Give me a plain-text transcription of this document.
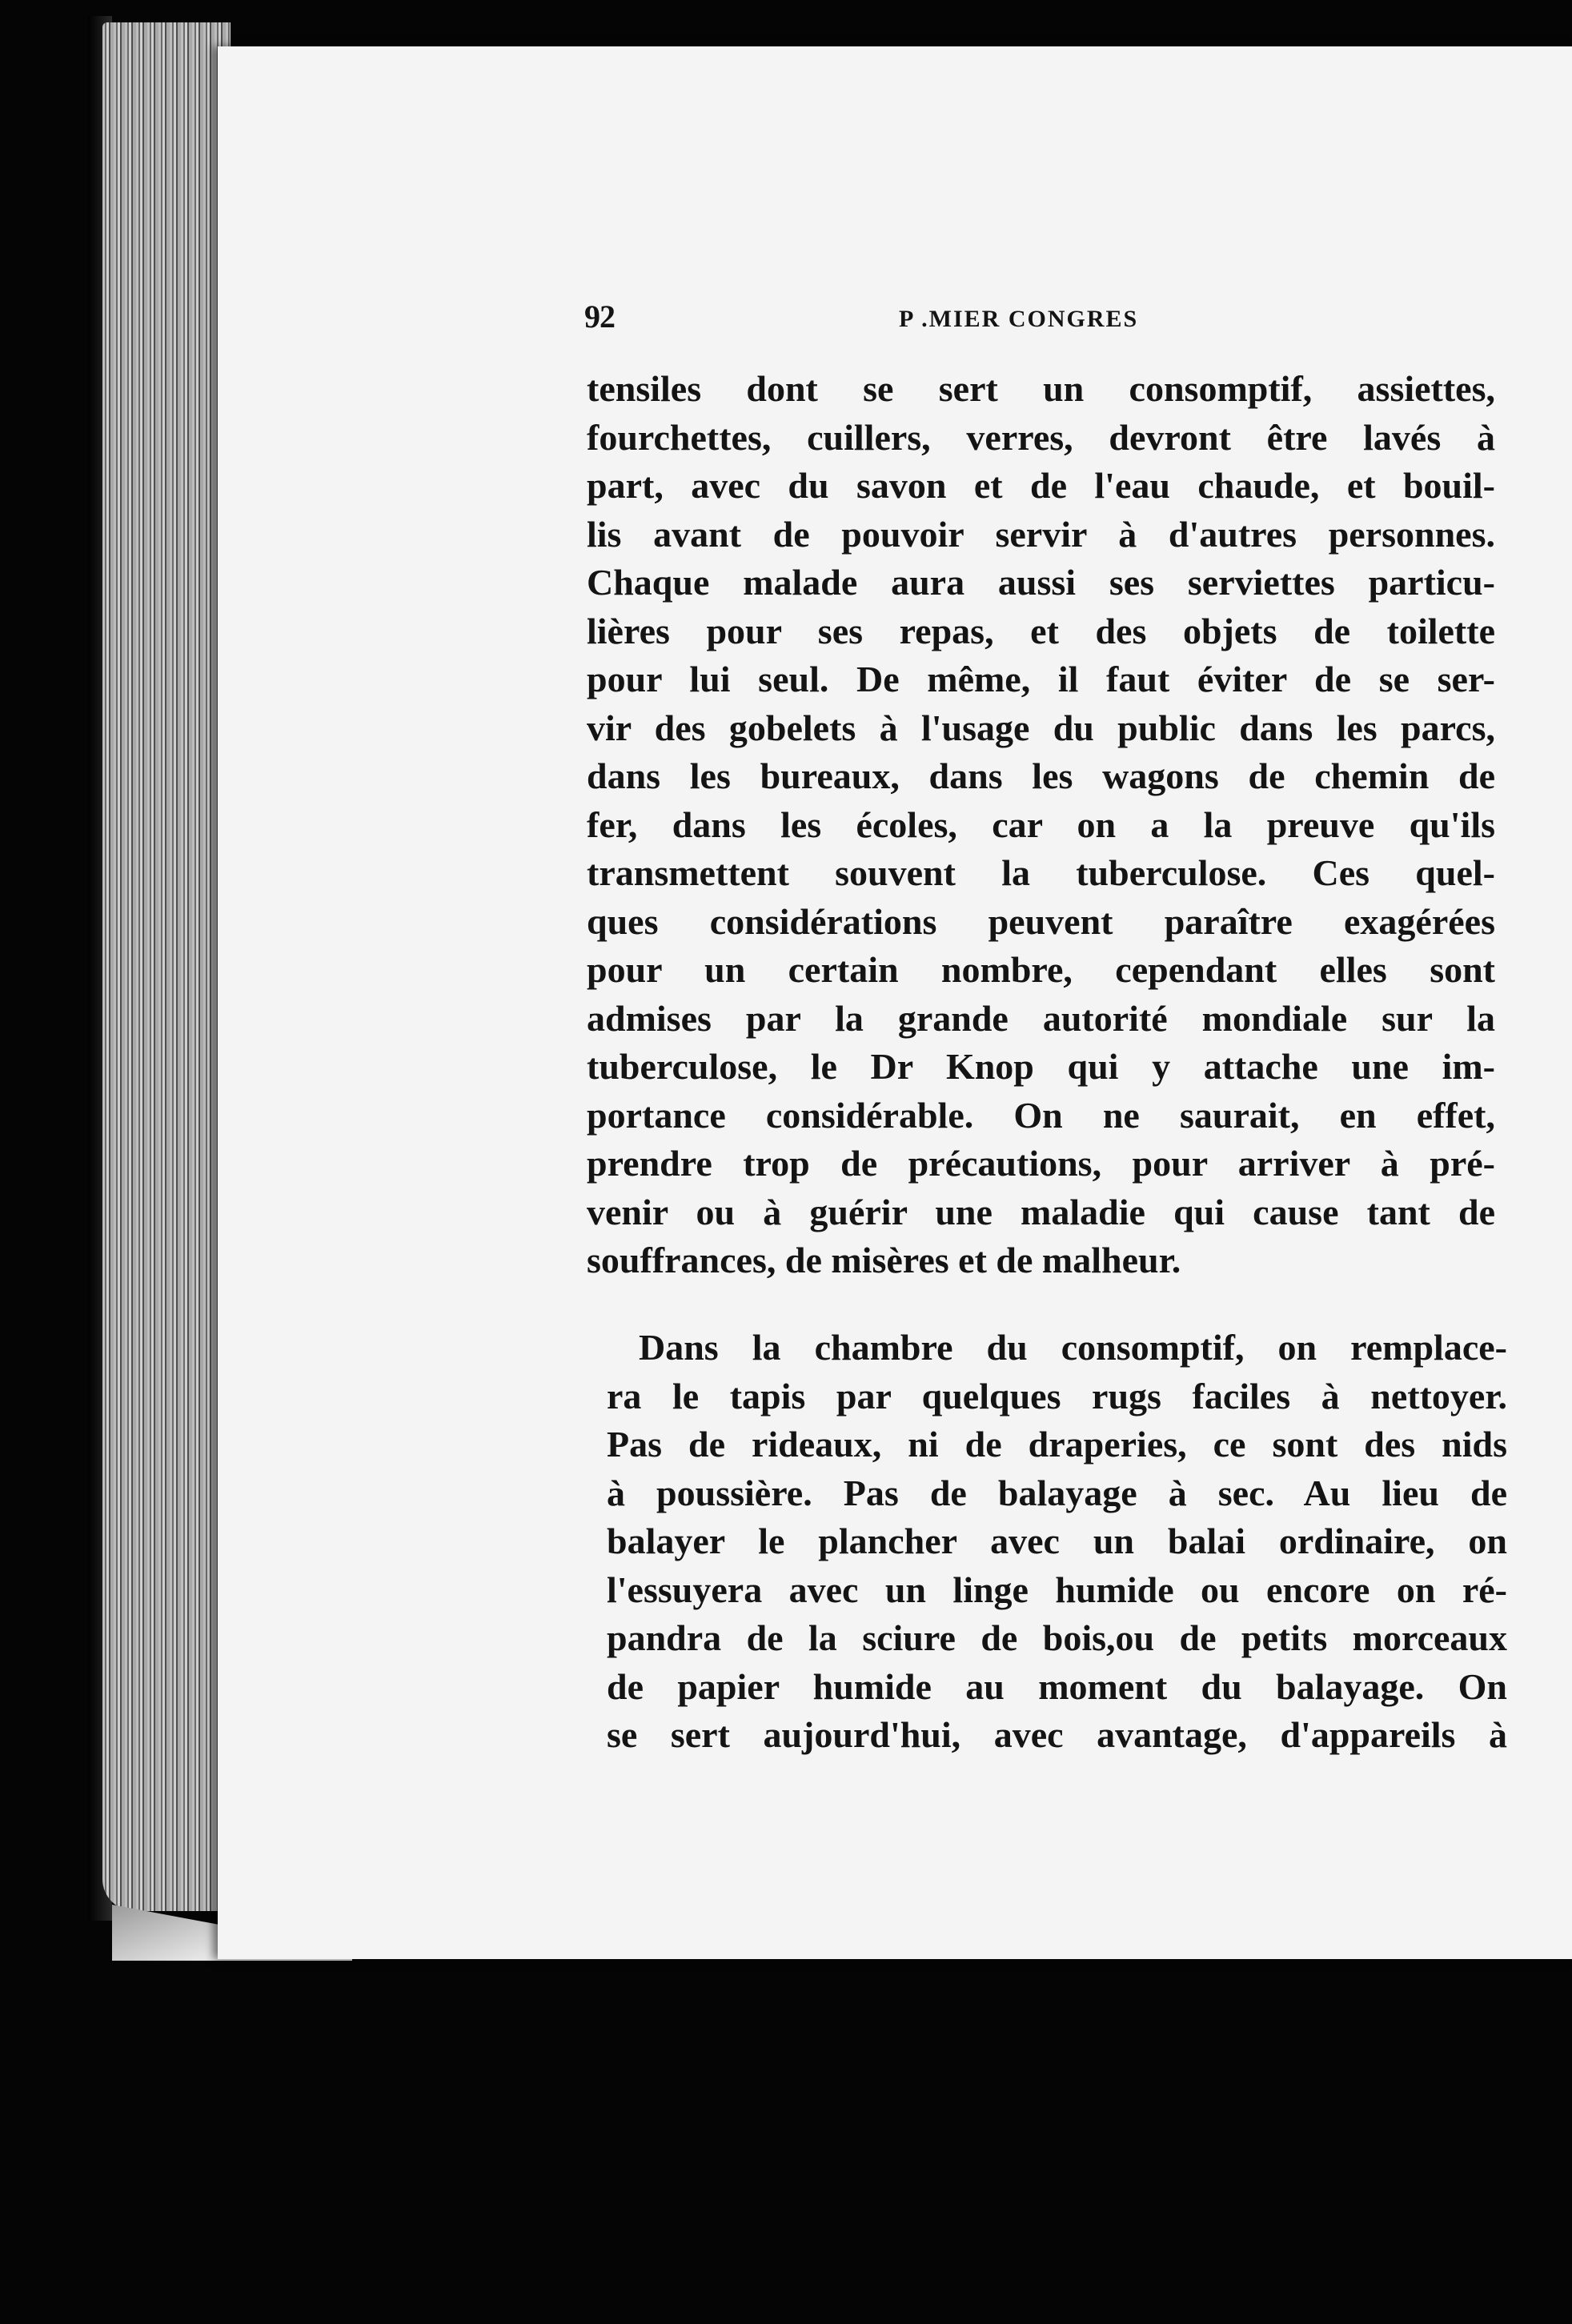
92	P .MIER CONGRES
tensiles dont se sert un consomptif, assiettes,
fourchettes, cuillers, verres, devront être lavés à
part, avec du savon et de l'eau chaude, et bouil-
lis avant de pouvoir servir à d'autres personnes.
Chaque malade aura aussi ses serviettes particu-
lières pour ses repas, et des objets de toilette
pour lui seul. De même, il faut éviter de se ser-
vir des gobelets à l'usage du public dans les parcs,
dans les bureaux, dans les wagons de chemin de
fer, dans les écoles, car on a la preuve qu'ils
transmettent souvent la tuberculose. Ces quel-
ques considérations peuvent paraître exagérées
pour un certain nombre, cependant elles sont
admises par la grande autorité mondiale sur la
tuberculose, le Dr Knop qui y attache une im-
portance considérable. On ne saurait, en effet,
prendre trop de précautions, pour arriver à pré-
venir ou à guérir une maladie qui cause tant de
souffrances, de misères et de malheur.
Dans la chambre du consomptif, on remplace-
ra le tapis par quelques rugs faciles à nettoyer.
Pas de rideaux, ni de draperies, ce sont des nids
à poussière. Pas de balayage à sec. Au lieu de
balayer le plancher avec un balai ordinaire, on
l'essuyera avec un linge humide ou encore on ré-
pandra de la sciure de bois,ou de petits morceaux
de papier humide au moment du balayage. On
se sert aujourd'hui, avec avantage, d'appareils à
